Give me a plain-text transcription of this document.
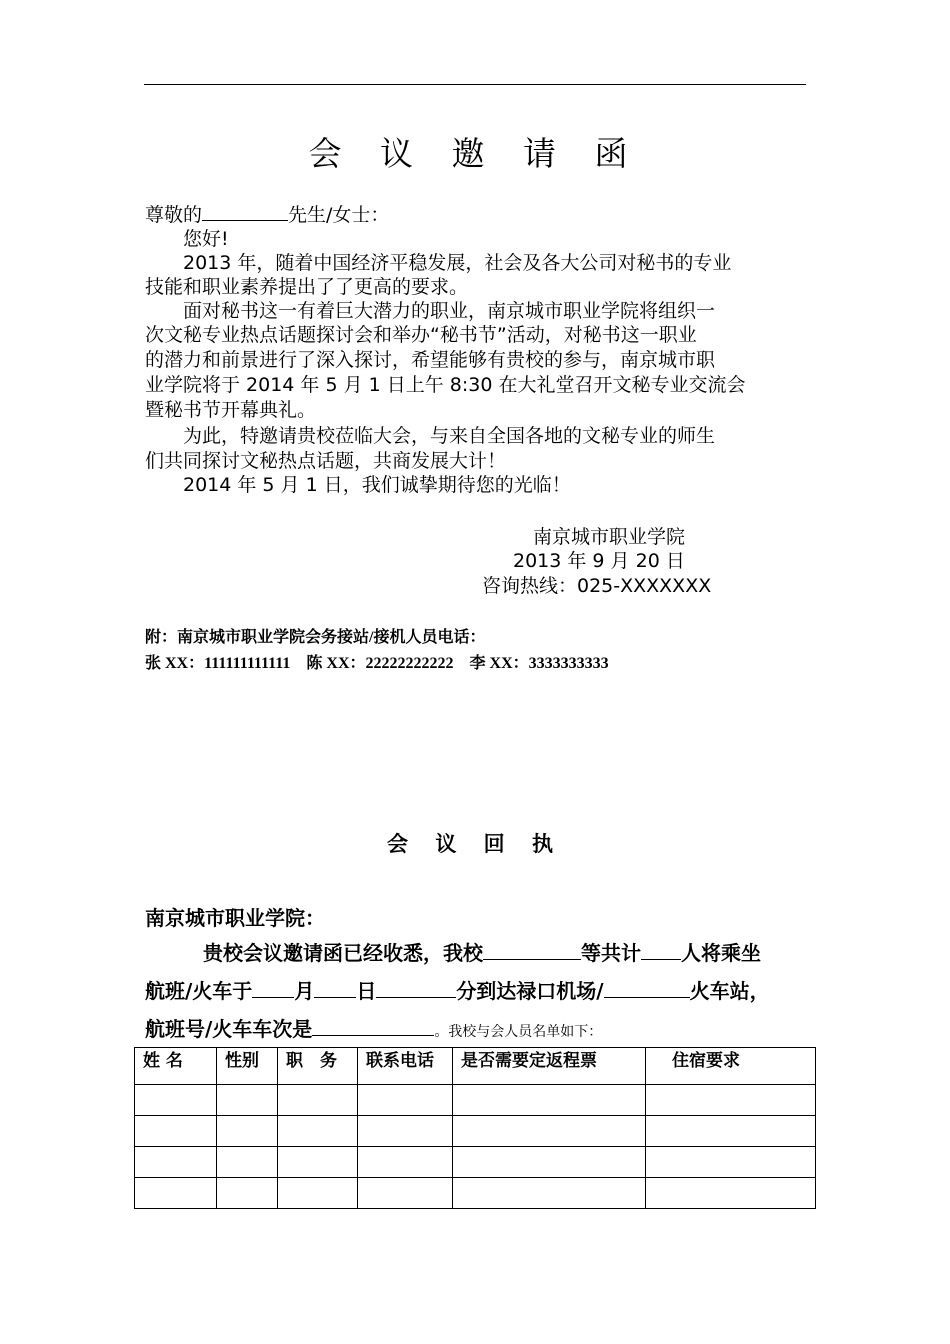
会 议 邀 请 函
尊敬的	先生/女士：
您好!
2013 年，随着中国经济平稳发展，社会及各大公司对秘书的专业
技能和职业素养提出了了更高的要求。
面对秘书这一有着巨大潜力的职业，南京城市职业学院将组织一
次文秘专业热点话题探讨会和举办“秘书节”活动，对秘书这一职业
的潜力和前景进行了深入探讨，希望能够有贵校的参与，南京城市职
业学院将于 2014 年 5 月 1 日上午 8:30 在大礼堂召开文秘专业交流会
暨秘书节开幕典礼。
为此，特邀请贵校莅临大会，与来自全国各地的文秘专业的师生
们共同探讨文秘热点话题，共商发展大计！
2014 年 5 月 1 日，我们诚挚期待您的光临！
南京城市职业学院
2013 年 9 月 20 日
咨询热线：025-XXXXXXX
附：南京城市职业学院会务接站/接机人员电话：
张 XX：111111111111    陈 XX：22222222222    李 XX：3333333333
会 议 回 执
南京城市职业学院：
贵校会议邀请函已经收悉，我校	等共计 人将乘坐
航班/火车于 月 日	分到达禄口机场/	火车站，
航班号/火车车次是	。我校与会人员名单如下：
姓 名	性别	职　务	联系电话	是否需要定返程票	住宿要求
